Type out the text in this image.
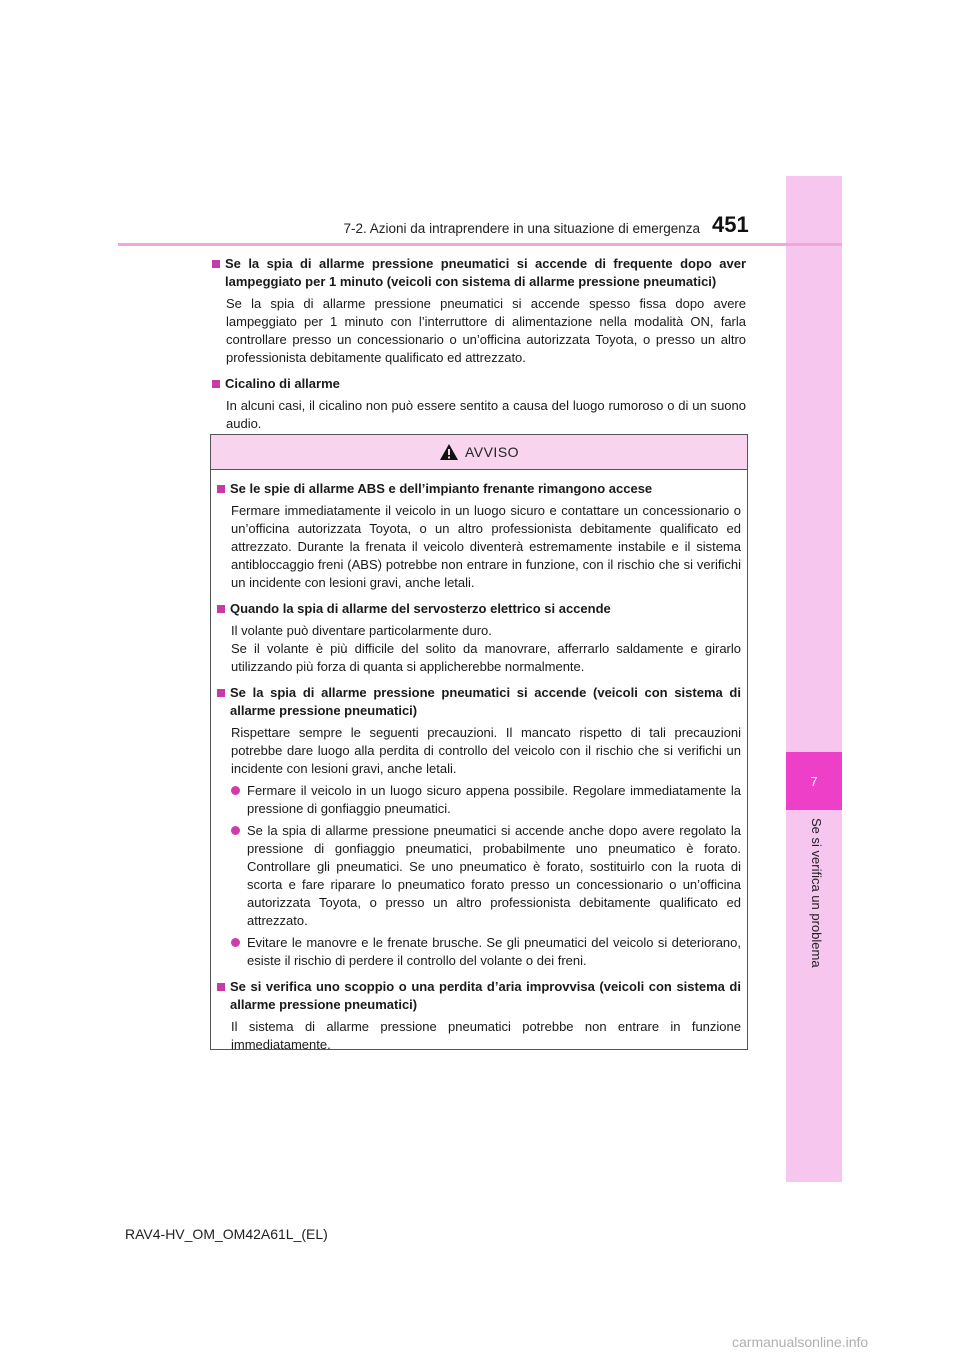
7
Se si verifica un problema
7-2. Azioni da intraprendere in una situazione di emergenza 451
Se la spia di allarme pressione pneumatici si accende di frequente dopo aver lampeggiato per 1 minuto (veicoli con sistema di allarme pressione pneumatici)
Se la spia di allarme pressione pneumatici si accende spesso fissa dopo avere lampeggiato per 1 minuto con l’interruttore di alimentazione nella modalità ON, farla controllare presso un concessionario o un’officina autorizzata Toyota, o presso un altro professionista debitamente qualificato ed attrezzato.
Cicalino di allarme
In alcuni casi, il cicalino non può essere sentito a causa del luogo rumoroso o di un suono audio.
AVVISO
Se le spie di allarme ABS e dell’impianto frenante rimangono accese
Fermare immediatamente il veicolo in un luogo sicuro e contattare un concessionario o un’officina autorizzata Toyota, o un altro professionista debitamente qualificato ed attrezzato. Durante la frenata il veicolo diventerà estremamente instabile e il sistema antibloccaggio freni (ABS) potrebbe non entrare in funzione, con il rischio che si verifichi un incidente con lesioni gravi, anche letali.
Quando la spia di allarme del servosterzo elettrico si accende
Il volante può diventare particolarmente duro.
Se il volante è più difficile del solito da manovrare, afferrarlo saldamente e girarlo utilizzando più forza di quanta si applicherebbe normalmente.
Se la spia di allarme pressione pneumatici si accende (veicoli con sistema di allarme pressione pneumatici)
Rispettare sempre le seguenti precauzioni. Il mancato rispetto di tali precauzioni potrebbe dare luogo alla perdita di controllo del veicolo con il rischio che si verifichi un incidente con lesioni gravi, anche letali.
Fermare il veicolo in un luogo sicuro appena possibile. Regolare immediatamente la pressione di gonfiaggio pneumatici.
Se la spia di allarme pressione pneumatici si accende anche dopo avere regolato la pressione di gonfiaggio pneumatici, probabilmente uno pneumatico è forato. Controllare gli pneumatici. Se uno pneumatico è forato, sostituirlo con la ruota di scorta e fare riparare lo pneumatico forato presso un concessionario o un’officina autorizzata Toyota, o presso un altro professionista debitamente qualificato ed attrezzato.
Evitare le manovre e le frenate brusche. Se gli pneumatici del veicolo si deteriorano, esiste il rischio di perdere il controllo del volante o dei freni.
Se si verifica uno scoppio o una perdita d’aria improvvisa (veicoli con sistema di allarme pressione pneumatici)
Il sistema di allarme pressione pneumatici potrebbe non entrare in funzione immediatamente.
RAV4-HV_OM_OM42A61L_(EL)
carmanualsonline.info
